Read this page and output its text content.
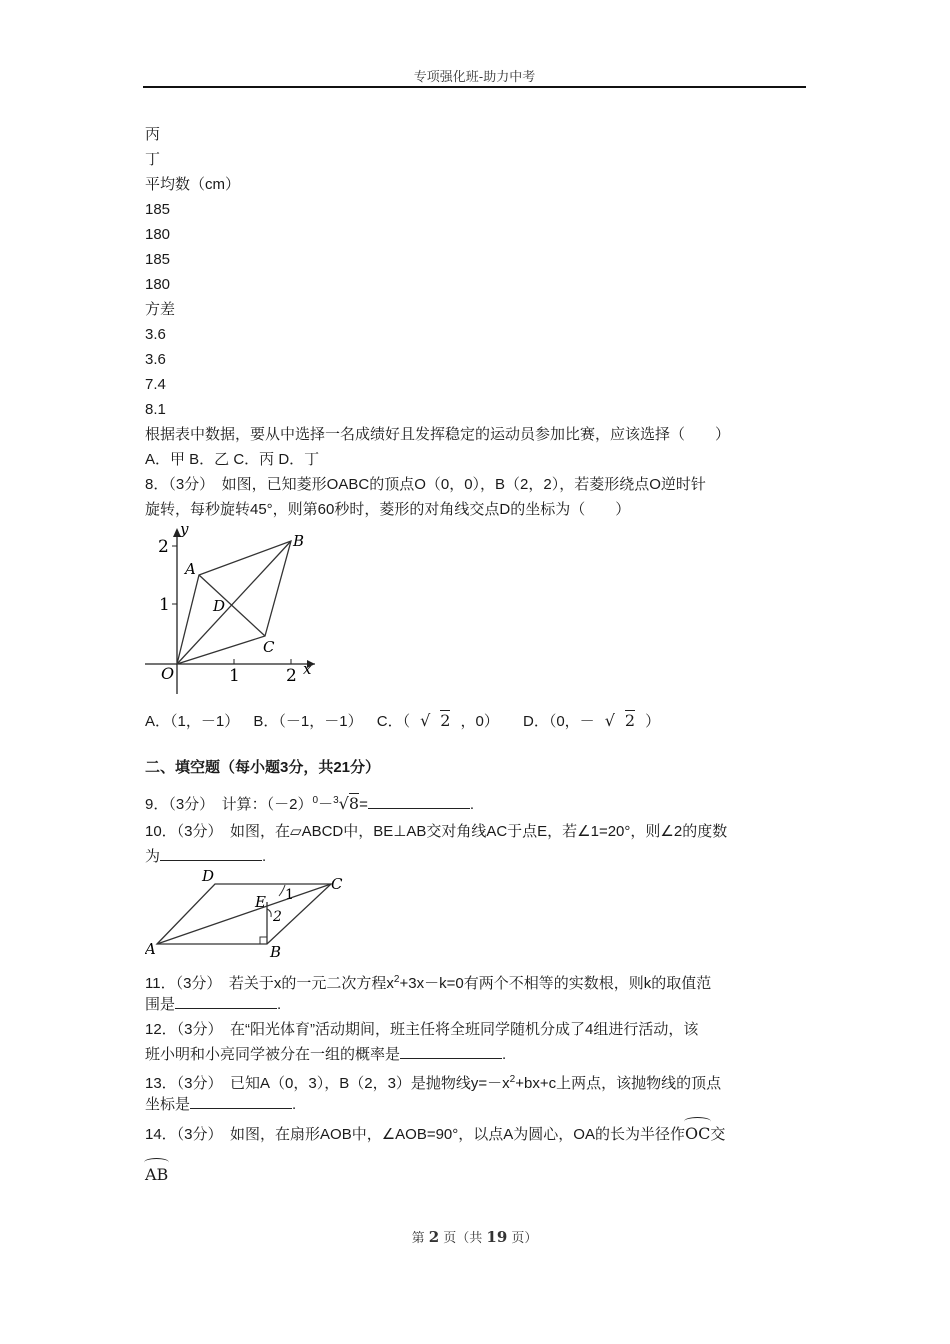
专项强化班-助力中考
丙
丁
平均数（cm）
185
180
185
180
方差
3.6
3.6
7.4
8.1
根据表中数据，要从中选择一名成绩好且发挥稳定的运动员参加比赛，应该选择（　　）
A．甲 B．乙 C．丙 D．丁
8．（3分）　如图，已知菱形OABC的顶点O（0，0），B（2，2），若菱形绕点O逆时针
旋转，每秒旋转45°，则第60秒时，菱形的对角线交点D的坐标为（　　）
y
2
1
O	1	2 x
A
B
C
D
A．（1，－1） B．（－1，－1） C．（ √ 2 ，0） D．（0，－ √ 2 ）
二、填空题（每小题3分，共21分）
9．（3分）　计算：$(-2)^0-^3√8=$	.
10．（3分）　如图，在▱ABCD中，BE⊥AB交对角线AC于点E，若∠1=20°，则∠2的度数
为	.
A	B
C
D
E 1
2
11．（3分）　若关于x的一元二次方程$x^2+3x-k=0$有两个不相等的实数根，则k的取值范
围是	.
12．（3分）　在“阳光体育”活动期间，班主任将全班同学随机分成了4组进行活动，该
班小明和小亮同学被分在一组的概率是	.
13．（3分）　已知A（0，3），B（2，3）是抛物线$y=-x^2+bx+c$上两点，该抛物线的顶点
坐标是	.
14．（3分）　如图，在扇形AOB中，∠AOB=90°，以点A为圆心，OA的长为半径作OC交
AB
第 2 页（共 19 页）
